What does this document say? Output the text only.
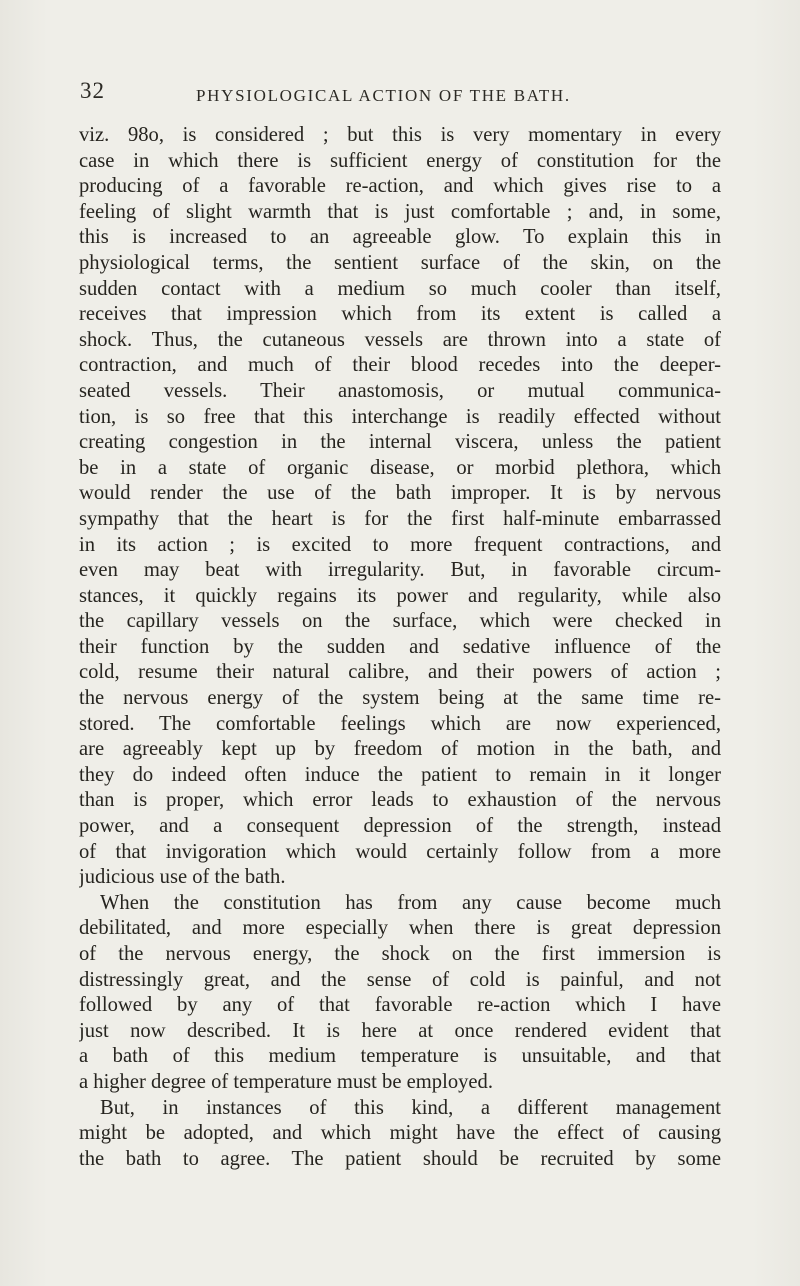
32	PHYSIOLOGICAL ACTION OF THE BATH.
viz. 98o, is considered ; but this is very momentary in every
case in which there is sufficient energy of constitution for the
producing of a favorable re-action, and which gives rise to a
feeling of slight warmth that is just comfortable ; and, in some,
this is increased to an agreeable glow. To explain this in
physiological terms, the sentient surface of the skin, on the
sudden contact with a medium so much cooler than itself,
receives that impression which from its extent is called a
shock. Thus, the cutaneous vessels are thrown into a state of
contraction, and much of their blood recedes into the deeper-
seated vessels. Their anastomosis, or mutual communica-
tion, is so free that this interchange is readily effected without
creating congestion in the internal viscera, unless the patient
be in a state of organic disease, or morbid plethora, which
would render the use of the bath improper. It is by nervous
sympathy that the heart is for the first half-minute embarrassed
in its action ; is excited to more frequent contractions, and
even may beat with irregularity. But, in favorable circum-
stances, it quickly regains its power and regularity, while also
the capillary vessels on the surface, which were checked in
their function by the sudden and sedative influence of the
cold, resume their natural calibre, and their powers of action ;
the nervous energy of the system being at the same time re-
stored. The comfortable feelings which are now experienced,
are agreeably kept up by freedom of motion in the bath, and
they do indeed often induce the patient to remain in it longer
than is proper, which error leads to exhaustion of the nervous
power, and a consequent depression of the strength, instead
of that invigoration which would certainly follow from a more
judicious use of the bath.
When the constitution has from any cause become much
debilitated, and more especially when there is great depression
of the nervous energy, the shock on the first immersion is
distressingly great, and the sense of cold is painful, and not
followed by any of that favorable re-action which I have
just now described. It is here at once rendered evident that
a bath of this medium temperature is unsuitable, and that
a higher degree of temperature must be employed.
But, in instances of this kind, a different management
might be adopted, and which might have the effect of causing
the bath to agree. The patient should be recruited by some
